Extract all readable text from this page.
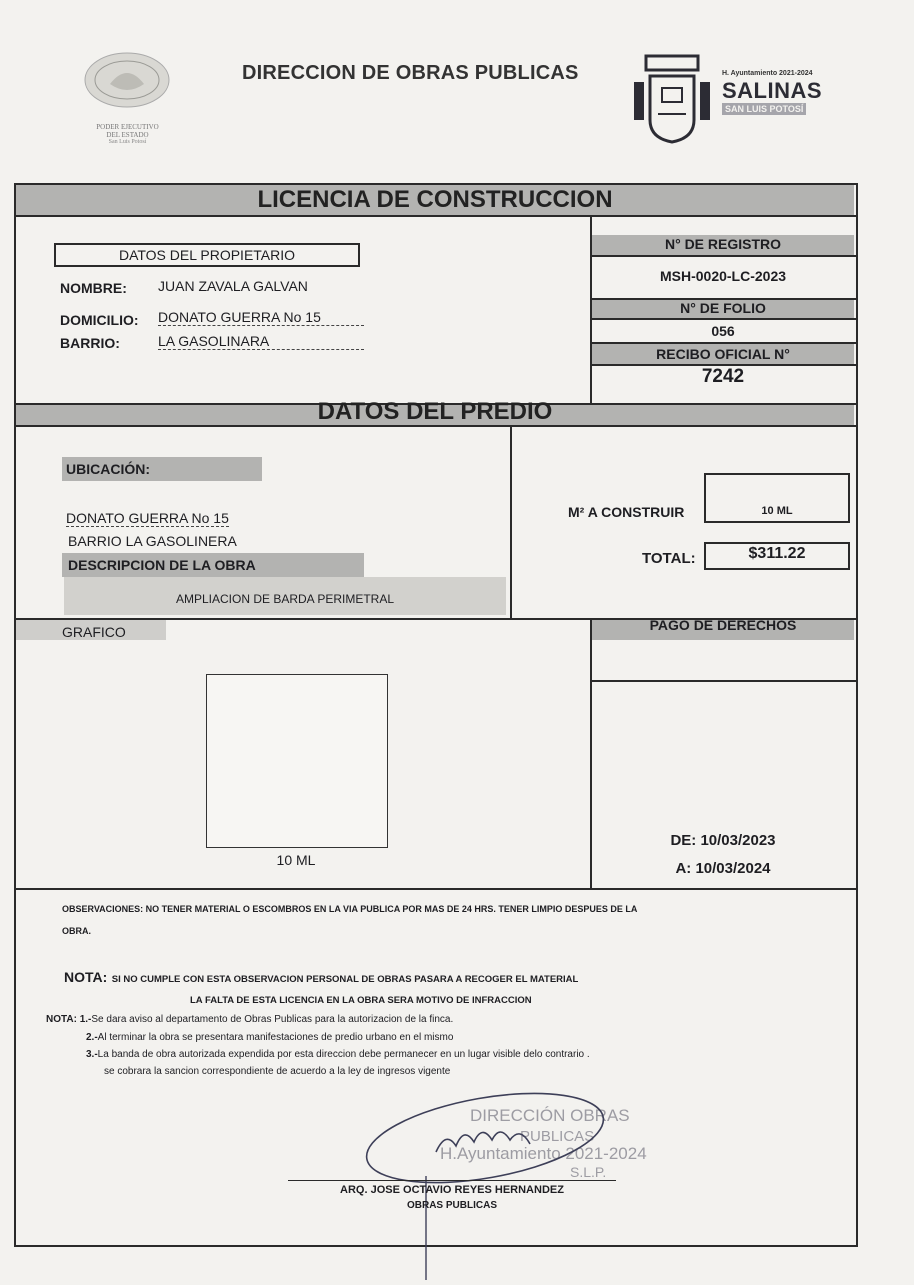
PODER EJECUTIVO
DEL ESTADO
San Luis Potosí
DIRECCION DE OBRAS PUBLICAS	H. Ayuntamiento 2021-2024
SALINAS
SAN LUIS POTOSÍ
LICENCIA DE CONSTRUCCION
DATOS DEL PROPIETARIO
NOMBRE: JUAN ZAVALA GALVAN
DOMICILIO: DONATO GUERRA No 15
BARRIO:	LA GASOLINARA
N° DE REGISTRO
MSH-0020-LC-2023
N° DE FOLIO
056
RECIBO OFICIAL N°
7242
DATOS DEL PREDIO
UBICACIÓN:
DONATO GUERRA No 15
BARRIO LA GASOLINERA
DESCRIPCION DE LA OBRA
AMPLIACION DE BARDA PERIMETRAL
M² A CONSTRUIR	10 ML
TOTAL:	$311.22
GRAFICO
10 ML
PAGO DE DERECHOS
DE: 10/03/2023
A: 10/03/2024
OBSERVACIONES: NO TENER MATERIAL O ESCOMBROS EN LA VIA PUBLICA POR MAS DE 24 HRS. TENER LIMPIO DESPUES DE LA
OBRA.
NOTA: SI NO CUMPLE CON ESTA OBSERVACION PERSONAL DE OBRAS PASARA A RECOGER EL MATERIAL
LA FALTA DE ESTA LICENCIA EN LA OBRA SERA MOTIVO DE INFRACCION
NOTA: 1.-Se dara aviso al departamento de Obras Publicas para la autorizacion de la finca.
2.-Al terminar la obra se presentara manifestaciones de predio urbano en el mismo
3.-La banda de obra autorizada expendida por esta direccion debe permanecer en un lugar visible delo contrario .
se cobrara la sancion correspondiente de acuerdo a la ley de ingresos vigente
DIRECCIÓN OBRAS
PUBLICAS
H.Ayuntamiento 2021-2024
S.L.P.
ARQ. JOSE OCTAVIO REYES HERNANDEZ
OBRAS PUBLICAS
